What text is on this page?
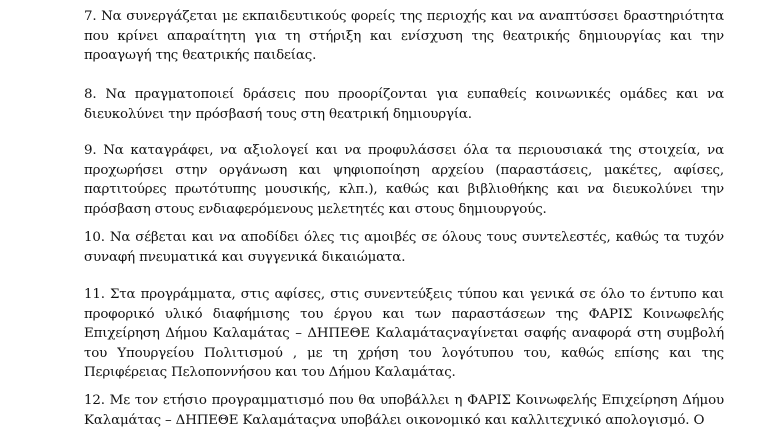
7. Να συνεργάζεται με εκπαιδευτικούς φορείς της περιοχής και να αναπτύσσει δραστηριότητα που κρίνει απαραίτητη για τη στήριξη και ενίσχυση της θεατρικής δημιουργίας και την προαγωγή της θεατρικής παιδείας.

8. Να πραγματοποιεί δράσεις που προορίζονται για ευπαθείς κοινωνικές ομάδες και να διευκολύνει την πρόσβασή τους στη θεατρική δημιουργία.

9. Να καταγράφει, να αξιολογεί και να προφυλάσσει όλα τα περιουσιακά της στοιχεία, να προχωρήσει στην οργάνωση και ψηφιοποίηση αρχείου (παραστάσεις, μακέτες, αφίσες, παρτιτούρες πρωτότυπης μουσικής, κλπ.), καθώς και βιβλιοθήκης και να διευκολύνει την πρόσβαση στους ενδιαφερόμενους μελετητές και στους δημιουργούς.

10. Να σέβεται και να αποδίδει όλες τις αμοιβές σε όλους τους συντελεστές, καθώς τα τυχόν συναφή πνευματικά και συγγενικά δικαιώματα.

11. Στα προγράμματα, στις αφίσες, στις συνεντεύξεις τύπου και γενικά σε όλο το έντυπο και προφορικό υλικό διαφήμισης του έργου και των παραστάσεων της ΦΑΡΙΣ Κοινωφελής Επιχείρηση Δήμου Καλαμάτας – ΔΗΠΕΘΕ Καλαμάταςναγίνεται σαφής αναφορά στη συμβολή του Υπουργείου Πολιτισμού , με τη χρήση του λογότυπου του, καθώς επίσης και της Περιφέρειας Πελοποννήσου και του Δήμου Καλαμάτας.

12. Με τον ετήσιο προγραμματισμό που θα υποβάλλει η ΦΑΡΙΣ Κοινωφελής Επιχείρηση Δήμου Καλαμάτας – ΔΗΠΕΘΕ Καλαμάταςνα υποβάλει οικονομικό και καλλιτεχνικό απολογισμό. Ο
